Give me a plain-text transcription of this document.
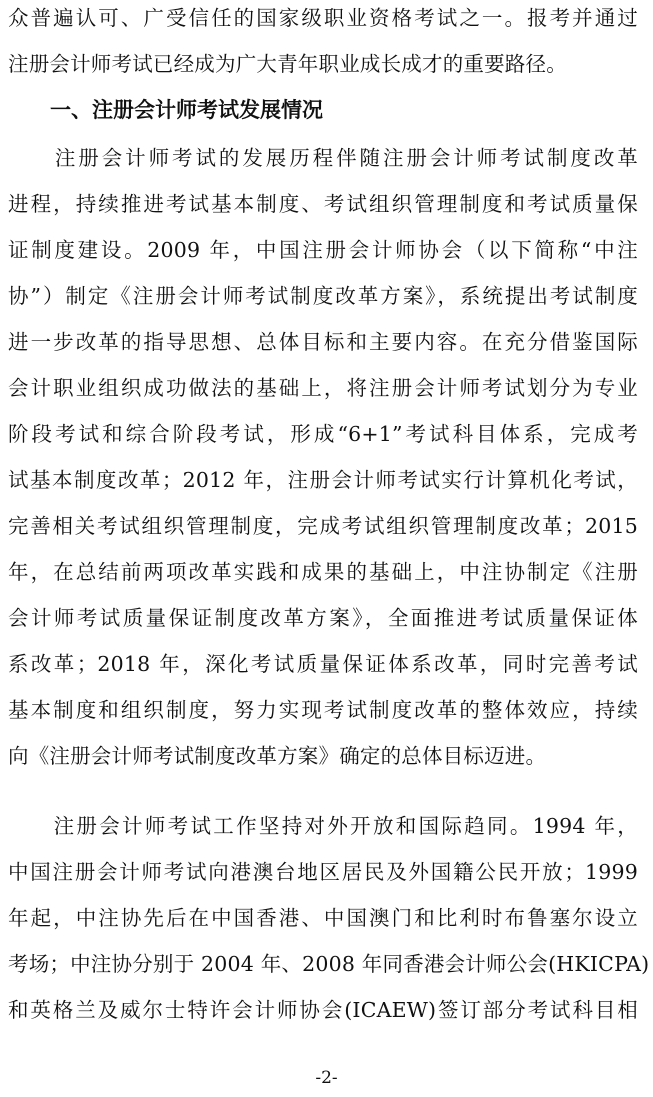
众普遍认可、广受信任的国家级职业资格考试之一。报考并通过
注册会计师考试已经成为广大青年职业成长成才的重要路径。
一、注册会计师考试发展情况
　　注册会计师考试的发展历程伴随注册会计师考试制度改革
进程，持续推进考试基本制度、考试组织管理制度和考试质量保
证制度建设。2009 年，中国注册会计师协会（以下简称“中注
协”）制定《注册会计师考试制度改革方案》，系统提出考试制度
进一步改革的指导思想、总体目标和主要内容。在充分借鉴国际
会计职业组织成功做法的基础上，将注册会计师考试划分为专业
阶段考试和综合阶段考试，形成“6+1”考试科目体系，完成考
试基本制度改革；2012 年，注册会计师考试实行计算机化考试，
完善相关考试组织管理制度，完成考试组织管理制度改革；2015
年，在总结前两项改革实践和成果的基础上，中注协制定《注册
会计师考试质量保证制度改革方案》，全面推进考试质量保证体
系改革；2018 年，深化考试质量保证体系改革，同时完善考试
基本制度和组织制度，努力实现考试制度改革的整体效应，持续
向《注册会计师考试制度改革方案》确定的总体目标迈进。
　　注册会计师考试工作坚持对外开放和国际趋同。1994 年，
中国注册会计师考试向港澳台地区居民及外国籍公民开放；1999
年起，中注协先后在中国香港、中国澳门和比利时布鲁塞尔设立
考场；中注协分别于 2004 年、2008 年同香港会计师公会(HKICPA)
和英格兰及威尔士特许会计师协会(ICAEW)签订部分考试科目相
-2-
